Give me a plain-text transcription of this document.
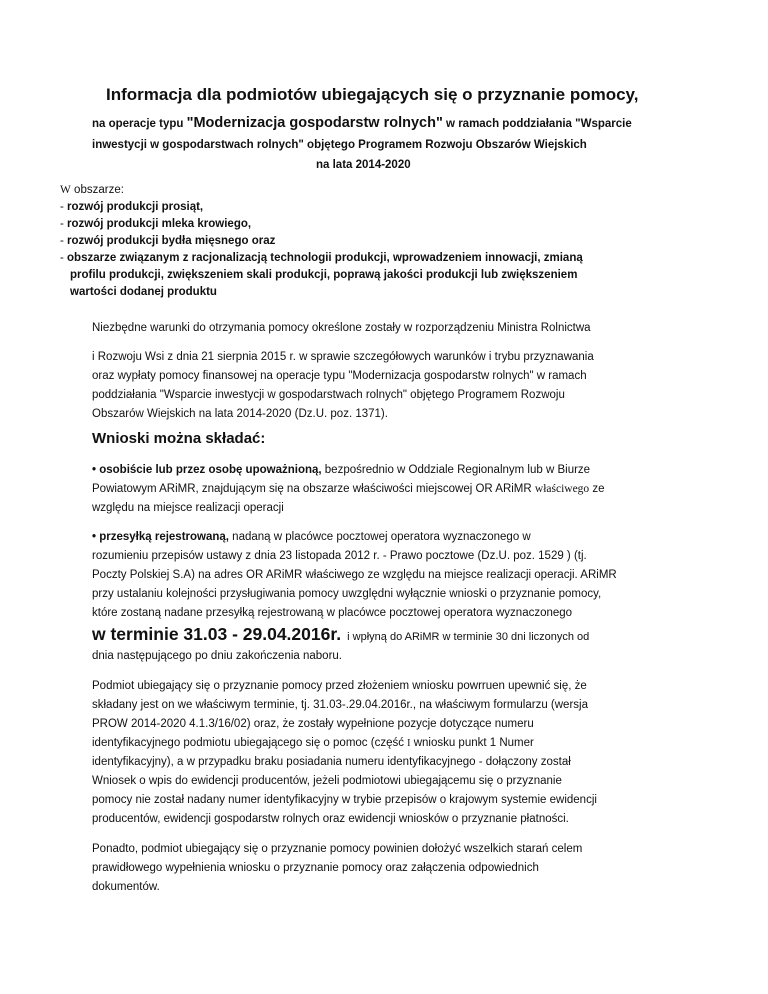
Informacja dla podmiotów ubiegających się o przyznanie pomocy,
na operacje typu "Modernizacja gospodarstw rolnych" w ramach poddziałania "Wsparcie
inwestycji w gospodarstwach rolnych" objętego Programem Rozwoju Obszarów Wiejskich
na lata 2014-2020
W obszarze:
- rozwój produkcji prosiąt,
- rozwój produkcji mleka krowiego,
- rozwój produkcji bydła mięsnego oraz
- obszarze związanym z racjonalizacją technologii produkcji, wprowadzeniem innowacji, zmianą
profilu produkcji, zwiększeniem skali produkcji, poprawą jakości produkcji lub zwiększeniem
wartości dodanej produktu
Niezbędne warunki do otrzymania pomocy określone zostały w rozporządzeniu Ministra Rolnictwa
i Rozwoju Wsi z dnia 21 sierpnia 2015 r. w sprawie szczegółowych warunków i trybu przyznawania
oraz wypłaty pomocy finansowej na operacje typu "Modernizacja gospodarstw rolnych" w ramach
poddziałania "Wsparcie inwestycji w gospodarstwach rolnych" objętego Programem Rozwoju
Obszarów Wiejskich na lata 2014-2020 (Dz.U. poz. 1371).
Wnioski można składać:
• osobiście lub przez osobę upoważnioną, bezpośrednio w Oddziale Regionalnym lub w Biurze
Powiatowym ARiMR, znajdującym się na obszarze właściwości miejscowej OR ARiMR właściwego ze
względu na miejsce realizacji operacji
• przesyłką rejestrowaną, nadaną w placówce pocztowej operatora wyznaczonego w
rozumieniu przepisów ustawy z dnia 23 listopada 2012 r. - Prawo pocztowe (Dz.U. poz. 1529 ) (tj.
Poczty Polskiej S.A) na adres OR ARiMR właściwego ze względu na miejsce realizacji operacji. ARiMR
przy ustalaniu kolejności przysługiwania pomocy uwzględni wyłącznie wnioski o przyznanie pomocy,
które zostaną nadane przesyłką rejestrowaną w placówce pocztowej operatora wyznaczonego
w terminie 31.03 - 29.04.2016r.  i wpłyną do ARiMR w terminie 30 dni liczonych od
dnia następującego po dniu zakończenia naboru.
Podmiot ubiegający się o przyznanie pomocy przed złożeniem wniosku powrruen upewnić się, że
składany jest on we właściwym terminie, tj. 31.03-.29.04.2016r., na właściwym formularzu (wersja
PROW 2014-2020 4.1.3/16/02) oraz, że zostały wypełnione pozycje dotyczące numeru
identyfikacyjnego podmiotu ubiegającego się o pomoc (część I wniosku punkt 1 Numer
identyfikacyjny), a w przypadku braku posiadania numeru identyfikacyjnego - dołączony został
Wniosek o wpis do ewidencji producentów, jeżeli podmiotowi ubiegającemu się o przyznanie
pomocy nie został nadany numer identyfikacyjny w trybie przepisów o krajowym systemie ewidencji
producentów, ewidencji gospodarstw rolnych oraz ewidencji wniosków o przyznanie płatności.
Ponadto, podmiot ubiegający się o przyznanie pomocy powinien dołożyć wszelkich starań celem
prawidłowego wypełnienia wniosku o przyznanie pomocy oraz załączenia odpowiednich
dokumentów.
